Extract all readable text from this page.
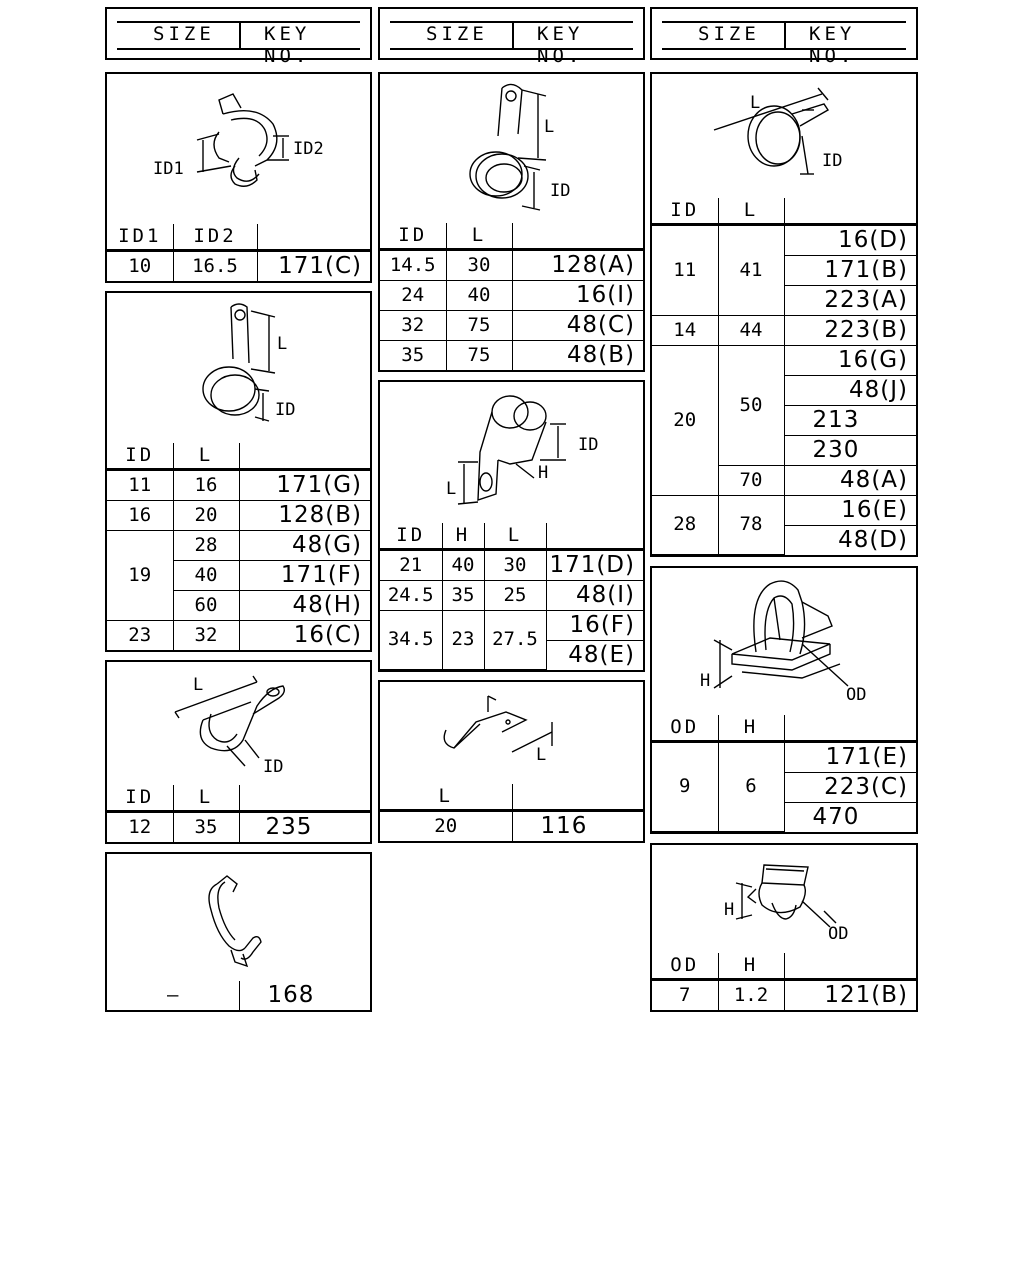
SIZE	KEY NO.
SIZE	KEY NO.
SIZE	KEY NO.
ID1
ID2
ID1	ID2	
10	16.5	171(C)
L
ID
ID	L	
11	16	171(G)
16	20	128(B)
19	28	48(G)
	40	171(F)
	60	48(H)
23	32	16(C)
L
ID
ID	L	
12	35	235
—	168
L
ID
ID	L	
14.5	30	128(A)
24	40	16(I)
32	75	48(C)
35	75	48(B)
ID
H
L
ID	H	L	
21	40	30	171(D)
24.5	35	25	48(I)
34.5	23	27.5	16(F)
			48(E)
L
L	
20	116
L
ID
ID	L	
11	41	16(D)
		171(B)
		223(A)
14	44	223(B)
20	50	16(G)
		48(J)
		213
		230
	70	48(A)
28	78	16(E)
		48(D)
H
OD
OD	H	
9	6	171(E)
		223(C)
		470
H
OD
OD	H	
7	1.2	121(B)
